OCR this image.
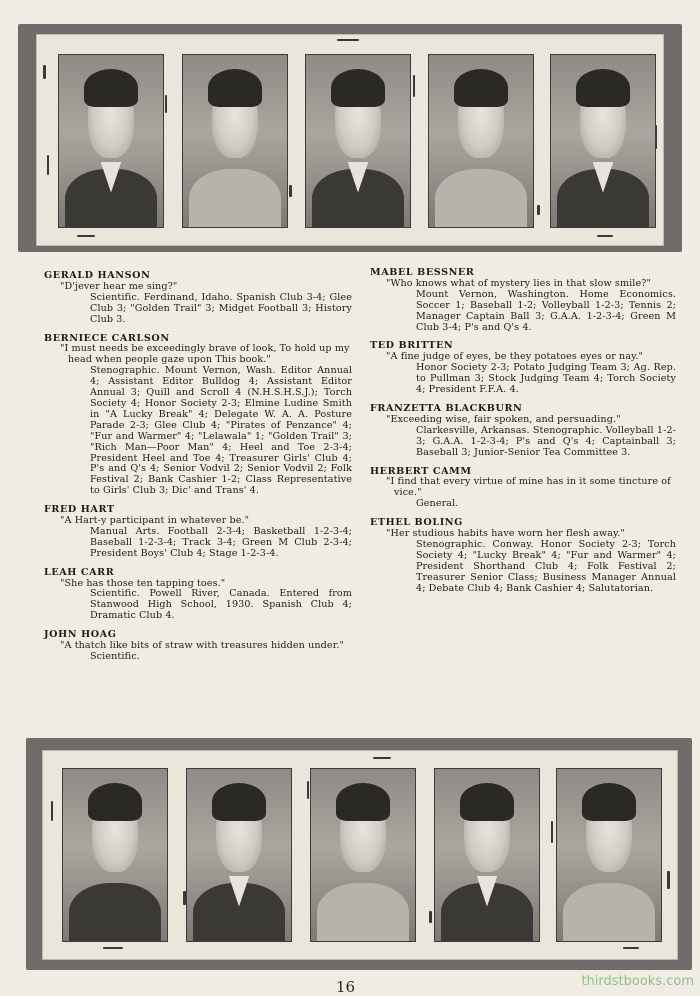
GERALD HANSON
"D'jever hear me sing?"
Scientific. Ferdinand, Idaho. Spanish Club 3-4; Glee Club 3; "Golden Trail" 3; Midget Football 3; History Club 3.
BERNIECE CARLSON
"I must needs be exceedingly brave of look, To hold up my head when people gaze upon This book."
Stenographic. Mount Vernon, Wash. Editor Annual 4; Assistant Editor Bulldog 4; Assistant Editor Annual 3; Quill and Scroll 4 (N.H.S.H.S.J.); Torch Society 4; Honor Society 2-3; Elmine Ludine Smith in "A Lucky Break" 4; Delegate W. A. A. Posture Parade 2-3; Glee Club 4; "Pirates of Penzance" 4; "Fur and Warmer" 4; "Lelawala" 1; "Golden Trail" 3; "Rich Man—Poor Man" 4; Heel and Toe 2-3-4; President Heel and Toe 4; Treasurer Girls' Club 4; P's and Q's 4; Senior Vodvil 2; Senior Vodvil 2; Folk Festival 2; Bank Cashier 1-2; Class Representative to Girls' Club 3; Dic' and Trans' 4.
FRED HART
"A Hart-y participant in whatever be."
Manual Arts. Football 2-3-4; Basketball 1-2-3-4; Baseball 1-2-3-4; Track 3-4; Green M Club 2-3-4; President Boys' Club 4; Stage 1-2-3-4.
LEAH CARR
"She has those ten tapping toes."
Scientific. Powell River, Canada. Entered from Stanwood High School, 1930. Spanish Club 4; Dramatic Club 4.
JOHN HOAG
"A thatch like bits of straw with treasures hidden under."
Scientific.
MABEL BESSNER
"Who knows what of mystery lies in that slow smile?"
Mount Vernon, Washington. Home Economics. Soccer 1; Baseball 1-2; Volleyball 1-2-3; Tennis 2; Manager Captain Ball 3; G.A.A. 1-2-3-4; Green M Club 3-4; P's and Q's 4.
TED BRITTEN
"A fine judge of eyes, be they potatoes eyes or nay."
Honor Society 2-3; Potato Judging Team 3; Ag. Rep. to Pullman 3; Stock Judging Team 4; Torch Society 4; President F.F.A. 4.
FRANZETTA BLACKBURN
"Exceeding wise, fair spoken, and persuading."
Clarkesville, Arkansas. Stenographic. Volleyball 1-2-3; G.A.A. 1-2-3-4; P's and Q's 4; Captainball 3; Baseball 3; Junior-Senior Tea Committee 3.
HERBERT CAMM
"I find that every virtue of mine has in it some tincture of vice."
General.
ETHEL BOLING
"Her studious habits have worn her flesh away."
Stenographic. Conway. Honor Society 2-3; Torch Society 4; "Lucky Break" 4; "Fur and Warmer" 4; President Shorthand Club 4; Folk Festival 2; Treasurer Senior Class; Business Manager Annual 4; Debate Club 4; Bank Cashier 4; Salutatorian.
16	thirdstbooks.com
